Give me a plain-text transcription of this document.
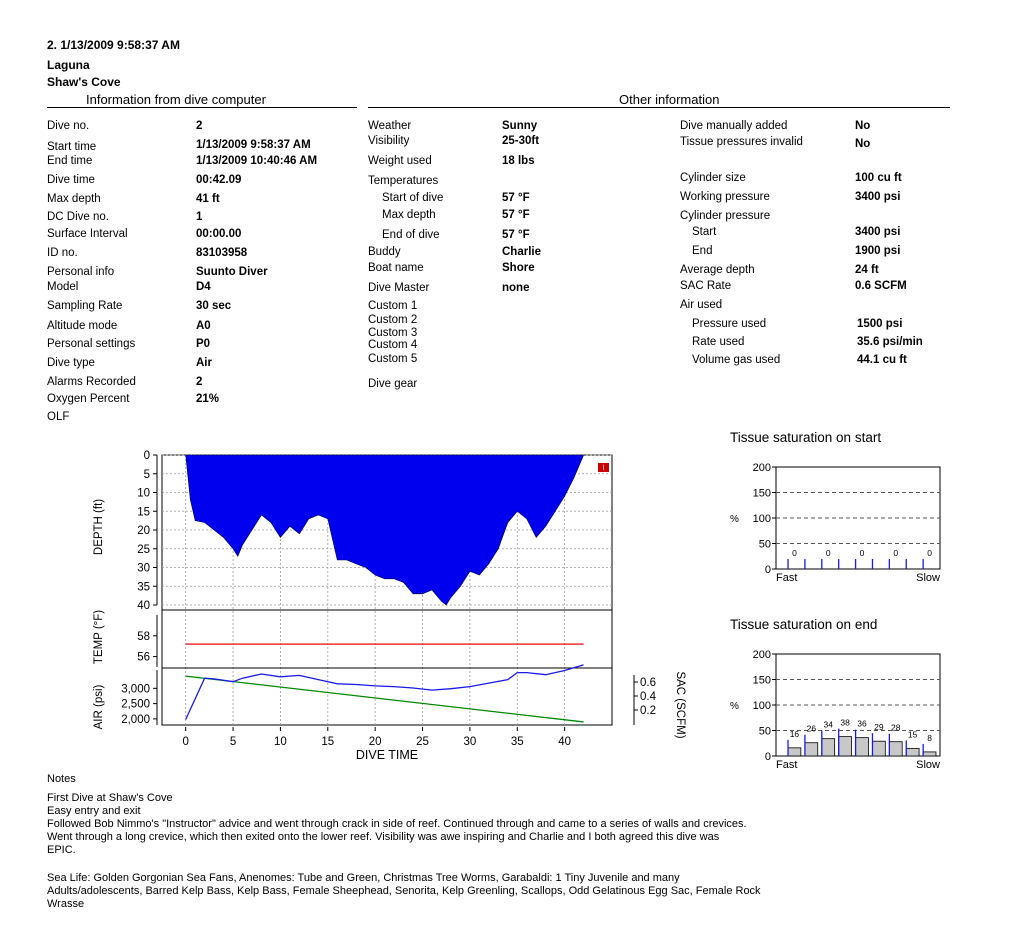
2. 1/13/2009 9:58:37 AM
Laguna
Shaw's Cove
Information from dive computer	Other information
Dive no.	2
Start time	1/13/2009 9:58:37 AM
End time	1/13/2009 10:40:46 AM
Dive time	00:42.09
Max depth	41 ft
DC Dive no.	1
Surface Interval	00:00.00
ID no.	83103958
Personal info	Suunto Diver
Model	D4
Sampling Rate	30 sec
Altitude mode	A0
Personal settings	P0
Dive type	Air
Alarms Recorded	2
Oxygen Percent	21%
OLF
Weather	Sunny
Visibility	25-30ft
Weight used	18 lbs
Temperatures
Start of dive	57 °F
Max depth	57 °F
End of dive	57 °F
Buddy	Charlie
Boat name	Shore
Dive Master	none
Custom 1
Custom 2
Custom 3
Custom 4
Custom 5
Dive gear
Dive manually added	No
Tissue pressures invalid	No
Cylinder size	100 cu ft
Working pressure	3400 psi
Cylinder pressure
Start	3400 psi
End	1900 psi
Average depth	24 ft
SAC Rate	0.6 SCFM
Air used
Pressure used	1500 psi
Rate used	35.6 psi/min
Volume gas used	44.1 cu ft
0
5
10
15
20
25
30
35
40
56
58
3,000
2,500
2,000
0.6
0.4
0.2
0	5	10	15	20	25	30	35	40
DIVE TIME
DEPTH (ft)
TEMP (°F)
AIR (psi)	SAC (SCFM)
⌇
Tissue saturation on start
200
150
100
50
0
%
0	0	0	0	0
Fast	Slow
Tissue saturation on end
200
150
100
50
0
%
16
26 34 38 36 29 28
15 8
Fast	Slow
Notes
First Dive at Shaw's Cove
Easy entry and exit
Followed Bob Nimmo's "Instructor" advice and went through crack in side of reef. Continued through and came to a series of walls and crevices.
Went through a long crevice, which then exited onto the lower reef. Visibility was awe inspiring and Charlie and I both agreed this dive was
EPIC.
Sea Life: Golden Gorgonian Sea Fans, Anenomes: Tube and Green, Christmas Tree Worms, Garabaldi: 1 Tiny Juvenile and many
Adults/adolescents, Barred Kelp Bass, Kelp Bass, Female Sheephead, Senorita, Kelp Greenling, Scallops, Odd Gelatinous Egg Sac, Female Rock
Wrasse
